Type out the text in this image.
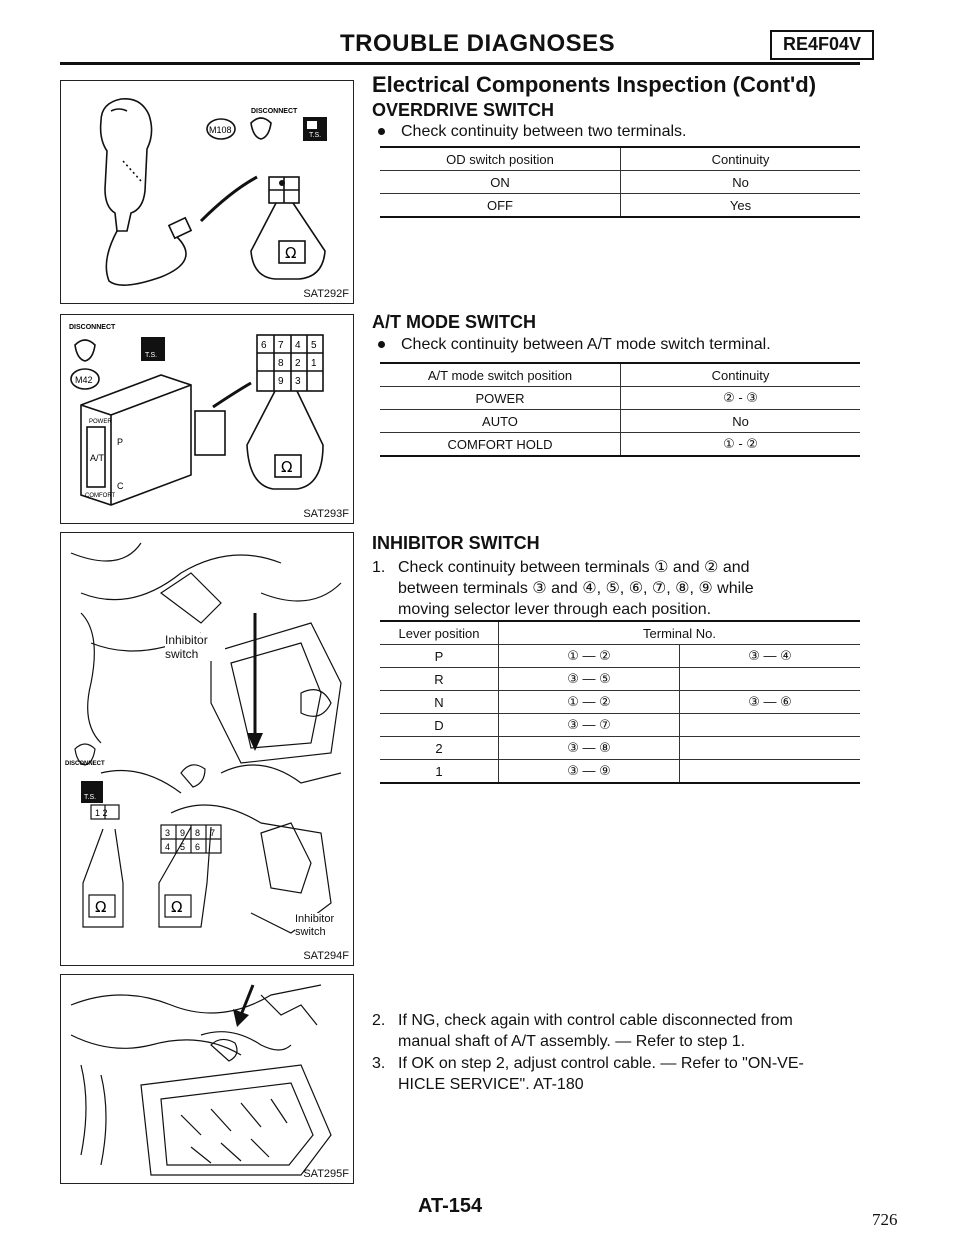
TROUBLE DIAGNOSES	RE4F04V
Electrical Components Inspection (Cont'd)
OVERDRIVE SWITCH
Check continuity between two terminals.
OD switch position	Continuity
ON	No
OFF	Yes
A/T MODE SWITCH
Check continuity between A/T mode switch terminal.
A/T mode switch position	Continuity
POWER	② - ③
AUTO	No
COMFORT HOLD	① - ②
INHIBITOR SWITCH
1. Check continuity between terminals ① and ② and
between terminals ③ and ④, ⑤, ⑥, ⑦, ⑧, ⑨ while
moving selector lever through each position.
Lever position	Terminal No.	
P	① — ②	③ — ④
R	③ — ⑤	
N	① — ②	③ — ⑥
D	③ — ⑦	
2	③ — ⑧	
1	③ — ⑨	
2. If NG, check again with control cable disconnected from
manual shaft of A/T assembly. — Refer to step 1.
3. If OK on step 2, adjust control cable. — Refer to "ON-VE-
HICLE SERVICE". AT-180
T.S.
M108
DISCONNECT
Ω
SAT292F
T.S.
DISCONNECT
M42
6 7 4 5
8 2 1
9 3
POWER
A/T
COMFORT
P
C
Ω
SAT293F
T.S.
DISCONNECT
1 2
3 9 8 7
4 5 6
Ω	Ω
Inhibitor switch
Inhibitor switch
SAT294F
SAT295F
AT-154
726
